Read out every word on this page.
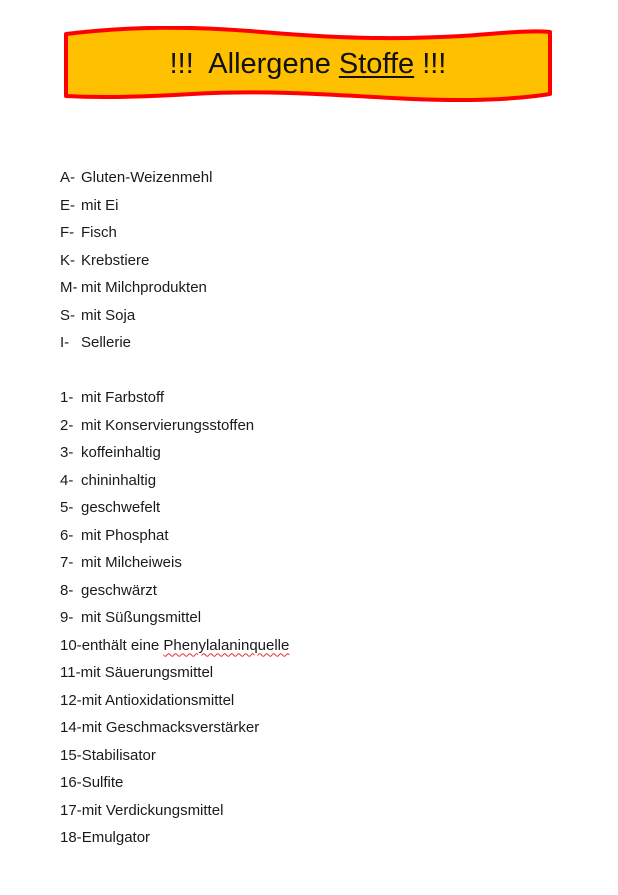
!!!  Allergene Stoffe !!!
A- Gluten-Weizenmehl
E- mit Ei
F- Fisch
K- Krebstiere
M- mit Milchprodukten
S- mit Soja
I- Sellerie
1- mit Farbstoff
2- mit Konservierungsstoffen
3- koffeinhaltig
4- chininhaltig
5- geschwefelt
6- mit Phosphat
7- mit Milcheiweis
8- geschwärzt
9- mit Süßungsmittel
10- enthält eine Phenylalaninquelle
11- mit Säuerungsmittel
12- mit Antioxidationsmittel
14- mit Geschmacksverstärker
15- Stabilisator
16- Sulfite
17- mit Verdickungsmittel
18- Emulgator
